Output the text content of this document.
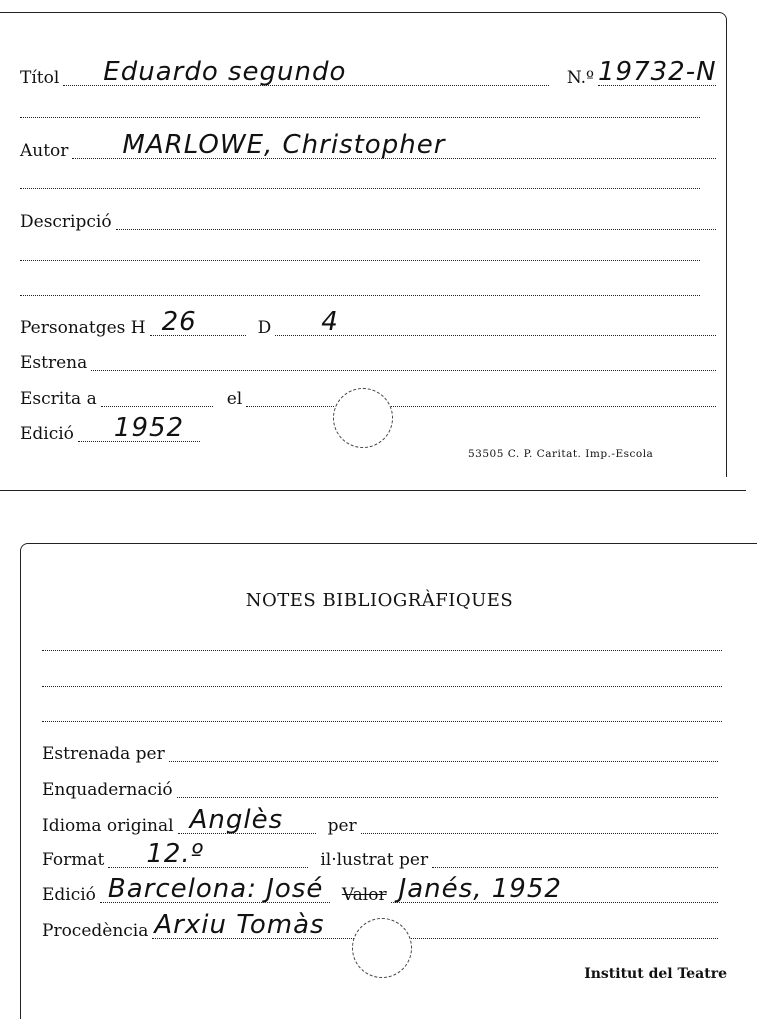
Títol Eduardo segundo	N.º 19732-N
Autor MARLOWE, Christopher
Descripció
Personatges H 26	D 4
Estrena
Escrita a	el
Edició 1952
53505 C. P. Caritat. Imp.-Escola
NOTES BIBLIOGRÀFIQUES
Estrenada per
Enquadernació
Idioma original Anglès	per
Format 12.º	il·lustrat per
Edició Barcelona: José Valor Janés, 1952
Procedència Arxiu Tomàs
Institut del Teatre
